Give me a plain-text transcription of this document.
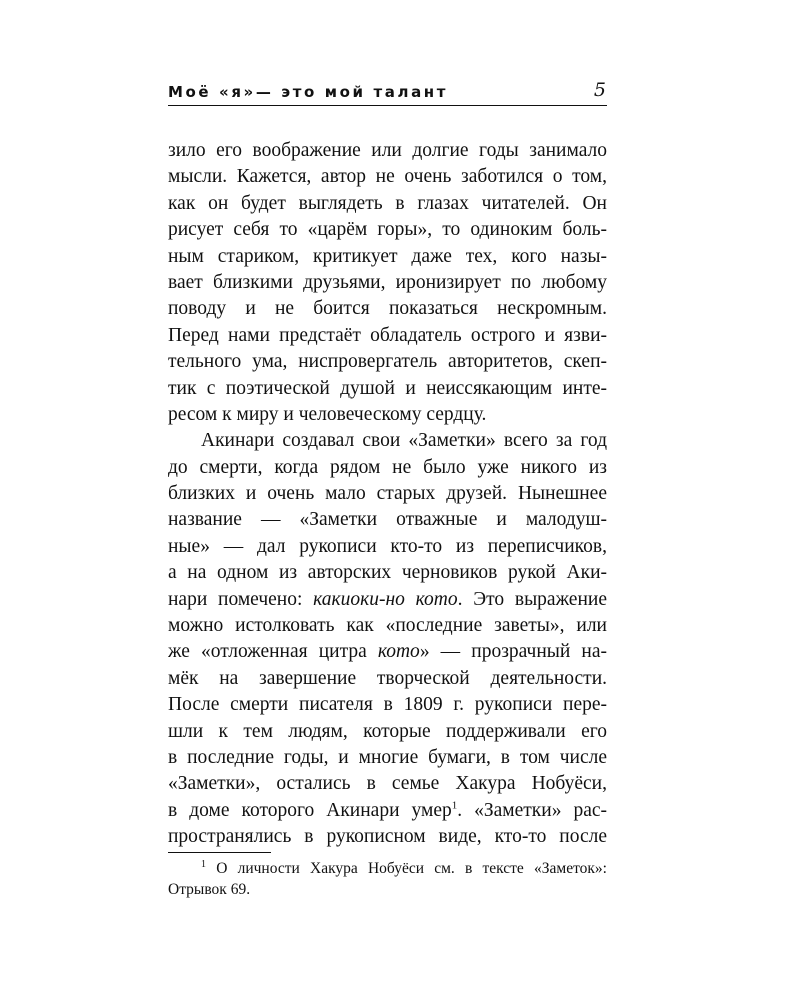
Моё «я»— это мой талант	5
зило его воображение или долгие годы занимало
мысли. Кажется, автор не очень заботился о том,
как он будет выглядеть в глазах читателей. Он
рисует себя то «царём горы», то одиноким боль-
ным стариком, критикует даже тех, кого назы-
вает близкими друзьями, иронизирует по любому
поводу и не боится показаться нескромным.
Перед нами предстаёт обладатель острого и язви-
тельного ума, ниспровергатель авторитетов, скеп-
тик с поэтической душой и неиссякающим инте-
ресом к миру и человеческому сердцу.
Акинари создавал свои «Заметки» всего за год
до смерти, когда рядом не было уже никого из
близких и очень мало старых друзей. Нынешнее
название — «Заметки отважные и малодуш-
ные» — дал рукописи кто-то из переписчиков,
а на одном из авторских черновиков рукой Аки-
нари помечено: какиоки-но кото. Это выражение
можно истолковать как «последние заветы», или
же «отложенная цитра кото» — прозрачный на-
мёк на завершение творческой деятельности.
После смерти писателя в 1809 г. рукописи пере-
шли к тем людям, которые поддерживали его
в последние годы, и многие бумаги, в том числе
«Заметки», остались в семье Хакура Нобуёси,
в доме которого Акинари умер$^1$. «Заметки» рас-
пространялись в рукописном виде, кто-то после
$^1$ О личности Хакура Нобуёси см. в тексте «Заметок»:
Отрывок 69.
